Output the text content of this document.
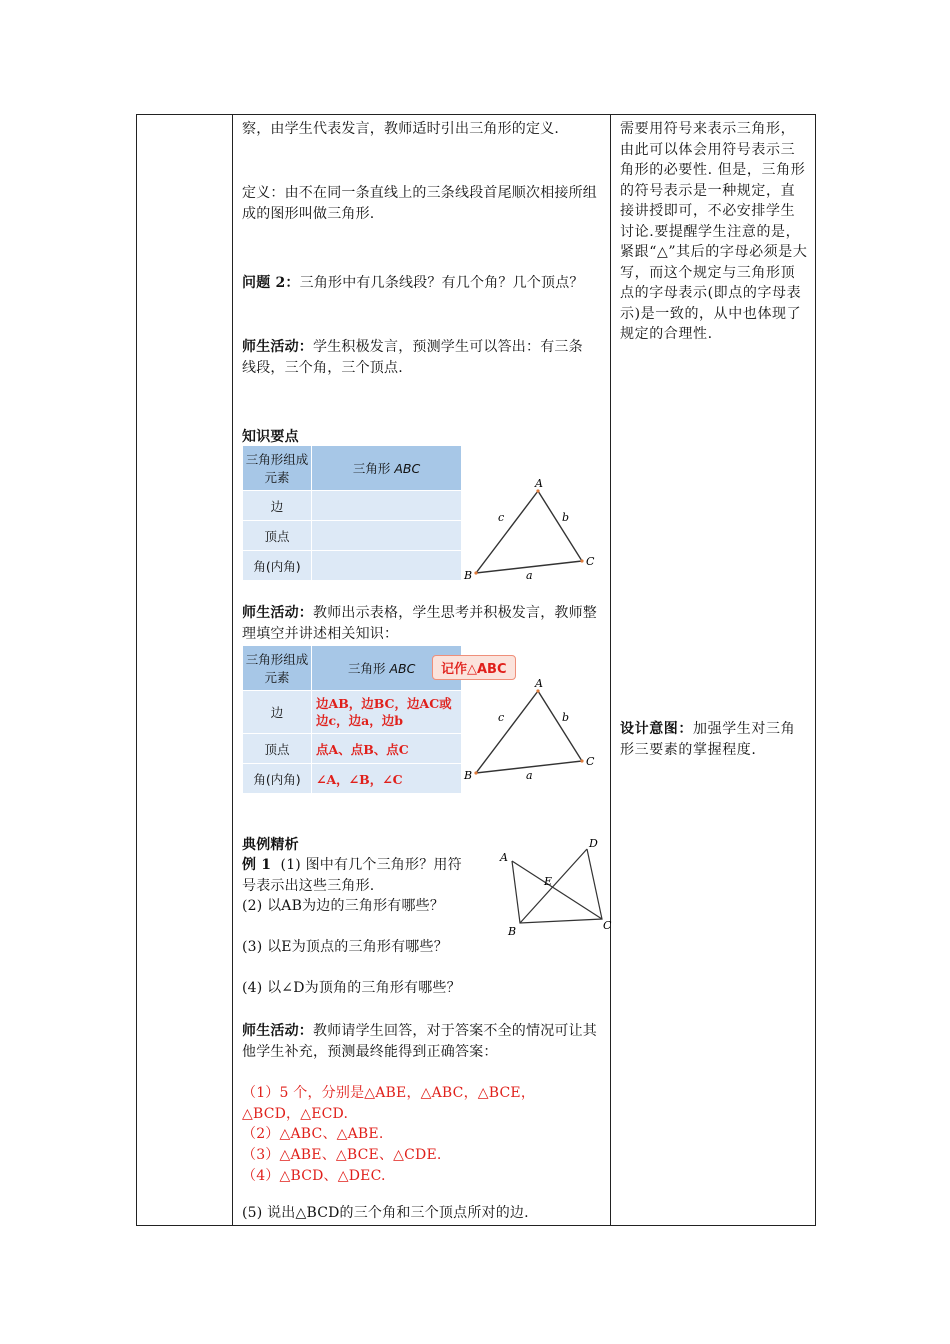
察，由学生代表发言，教师适时引出三角形的定义.

定义：由不在同一条直线上的三条线段首尾顺次相接所组成的图形叫做三角形.

问题 2：三角形中有几条线段？有几个角？几个顶点？

师生活动：学生积极发言，预测学生可以答出：有三条线段，三个角，三个顶点.

知识要点

三角形组成元素	三角形 ABC
边	
顶点	
角(内角)	
A
B
C
a
b
c

师生活动：教师出示表格，学生思考并积极发言，教师整理填空并讲述相关知识：

三角形组成元素	三角形 ABC
边	边AB，边BC，边AC或边c，边a，边b
顶点	点A、点B、点C
角(内角)	∠A，∠B，∠C
记作△ABC
A
B
C
a
b
c

典例精析

例 1 (1) 图中有几个三角形？用符号表示出这些三角形.

(2) 以AB为边的三角形有哪些？

(3) 以E为顶点的三角形有哪些？

(4) 以∠D为顶角的三角形有哪些？

A
B	C
D
E

师生活动：教师请学生回答，对于答案不全的情况可让其他学生补充，预测最终能得到正确答案：

（1）5 个，分别是△ABE，△ABC，△BCE，△BCD，△ECD.

（2）△ABC、△ABE.

（3）△ABE、△BCE、△CDE.

（4）△BCD、△DEC.

(5) 说出△BCD的三个角和三个顶点所对的边.

需要用符号来表示三角形，由此可以体会用符号表示三角形的必要性. 但是，三角形的符号表示是一种规定，直接讲授即可，不必安排学生讨论.要提醒学生注意的是，紧跟“△”其后的字母必须是大写，而这个规定与三角形顶点的字母表示(即点的字母表示)是一致的，从中也体现了规定的合理性.

设计意图：加强学生对三角形三要素的掌握程度.
